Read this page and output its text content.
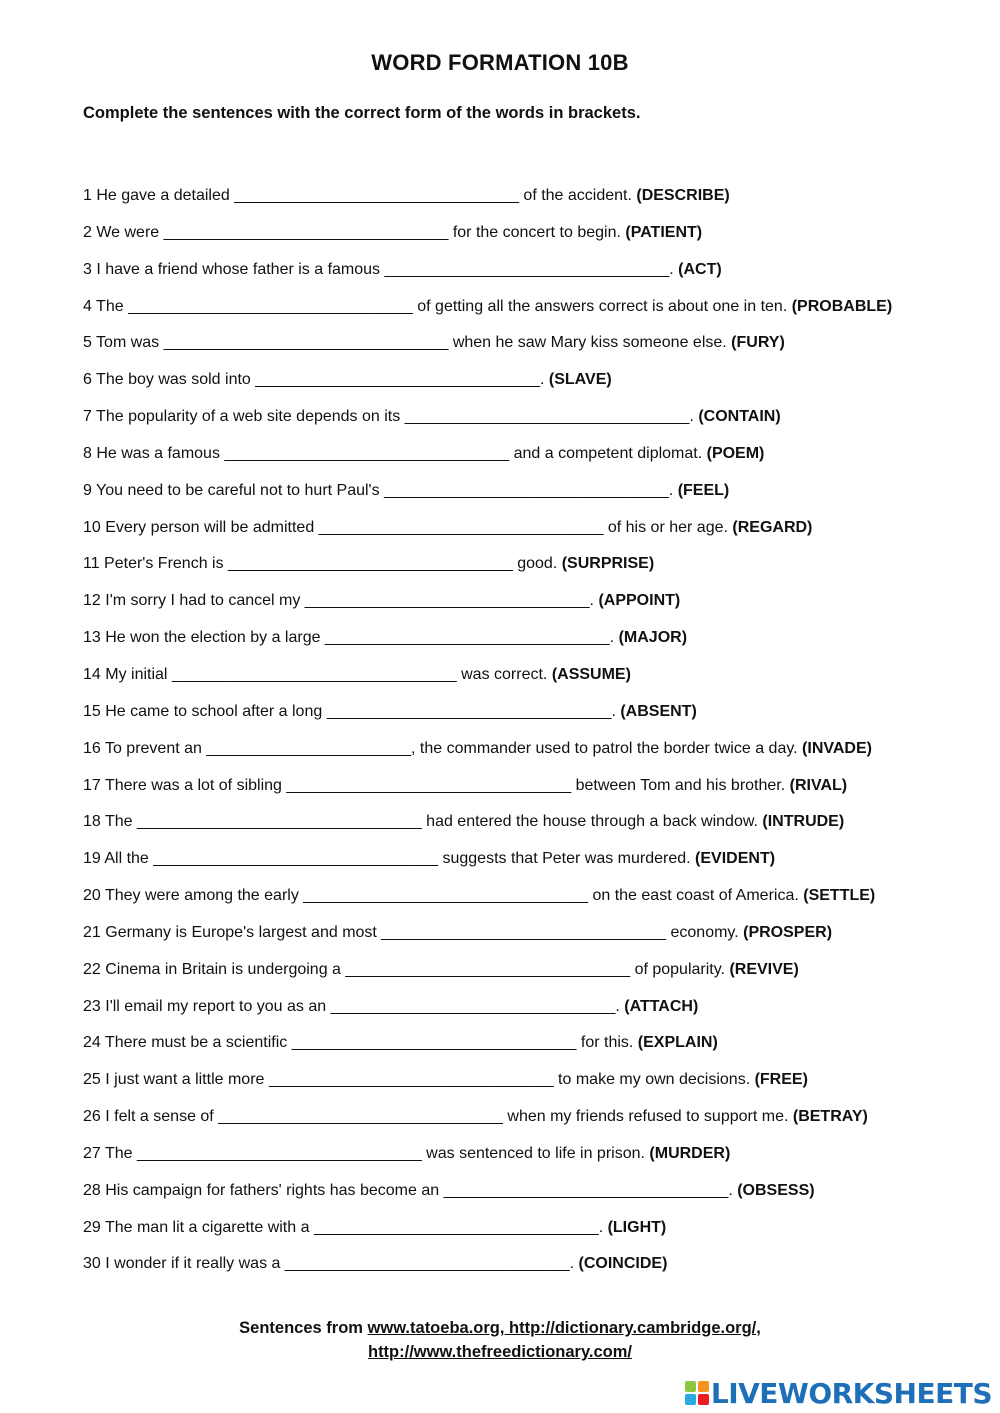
WORD FORMATION 10B
Complete the sentences with the correct form of the words in brackets.
1 He gave a detailed ________________________________ of the accident. (DESCRIBE)
2 We were ________________________________ for the concert to begin. (PATIENT)
3 I have a friend whose father is a famous ________________________________. (ACT)
4 The ________________________________ of getting all the answers correct is about one in ten. (PROBABLE)
5 Tom was ________________________________ when he saw Mary kiss someone else. (FURY)
6 The boy was sold into ________________________________. (SLAVE)
7 The popularity of a web site depends on its ________________________________. (CONTAIN)
8 He was a famous ________________________________ and a competent diplomat. (POEM)
9 You need to be careful not to hurt Paul's ________________________________. (FEEL)
10 Every person will be admitted ________________________________ of his or her age. (REGARD)
11 Peter's French is ________________________________ good. (SURPRISE)
12 I'm sorry I had to cancel my ________________________________. (APPOINT)
13 He won the election by a large ________________________________. (MAJOR)
14 My initial ________________________________ was correct. (ASSUME)
15 He came to school after a long ________________________________. (ABSENT)
16 To prevent an _______________________, the commander used to patrol the border twice a day. (INVADE)
17 There was a lot of sibling ________________________________ between Tom and his brother. (RIVAL)
18 The ________________________________ had entered the house through a back window. (INTRUDE)
19 All the ________________________________ suggests that Peter was murdered. (EVIDENT)
20 They were among the early ________________________________ on the east coast of America. (SETTLE)
21 Germany is Europe's largest and most ________________________________ economy. (PROSPER)
22 Cinema in Britain is undergoing a ________________________________ of popularity. (REVIVE)
23 I'll email my report to you as an ________________________________. (ATTACH)
24 There must be a scientific ________________________________ for this. (EXPLAIN)
25 I just want a little more ________________________________ to make my own decisions. (FREE)
26 I felt a sense of ________________________________ when my friends refused to support me. (BETRAY)
27 The ________________________________ was sentenced to life in prison. (MURDER)
28 His campaign for fathers' rights has become an ________________________________. (OBSESS)
29 The man lit a cigarette with a ________________________________. (LIGHT)
30 I wonder if it really was a ________________________________. (COINCIDE)
Sentences from www.tatoeba.org, http://dictionary.cambridge.org/,
http://www.thefreedictionary.com/
LIVEWORKSHEETS
